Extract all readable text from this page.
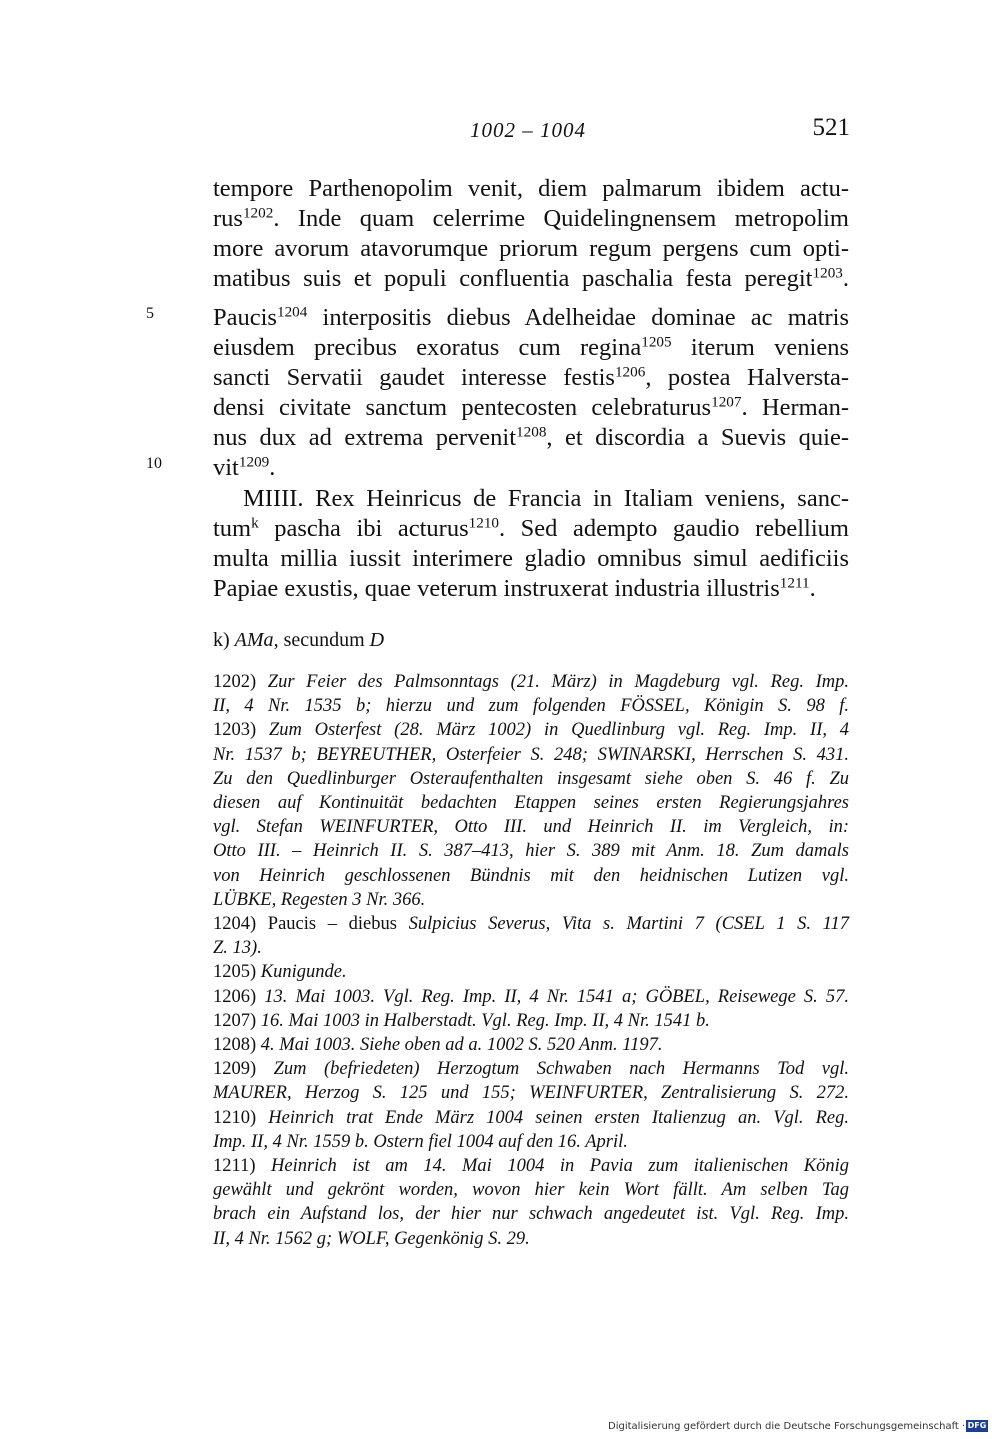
1002 – 1004	521
tempore Parthenopolim venit, diem palmarum ibidem actu-
rus$^{1202}$. Inde quam celerrime Quidelingnensem metropolim
more avorum atavorumque priorum regum pergens cum opti-
matibus suis et populi confluentia paschalia festa peregit$^{1203}$.
Paucis$^{1204}$ interpositis diebus Adelheidae dominae ac matris
eiusdem precibus exoratus cum regina$^{1205}$ iterum veniens
sancti Servatii gaudet interesse festis$^{1206}$, postea Halversta-
densi civitate sanctum pentecosten celebraturus$^{1207}$. Herman-
nus dux ad extrema pervenit$^{1208}$, et discordia a Suevis quie-
vit$^{1209}$.
MIIII. Rex Heinricus de Francia in Italiam veniens, sanc-
tum$^k$ pascha ibi acturus$^{1210}$. Sed adempto gaudio rebellium
multa millia iussit interimere gladio omnibus simul aedificiis
Papiae exustis, quae veterum instruxerat industria illustris$^{1211}$.
5
10
k) AMa, secundum D
1202) Zur Feier des Palmsonntags (21. März) in Magdeburg vgl. Reg. Imp.
II, 4 Nr. 1535 b; hierzu und zum folgenden FÖSSEL, Königin S. 98 f.
1203) Zum Osterfest (28. März 1002) in Quedlinburg vgl. Reg. Imp. II, 4
Nr. 1537 b; BEYREUTHER, Osterfeier S. 248; SWINARSKI, Herrschen S. 431.
Zu den Quedlinburger Osteraufenthalten insgesamt siehe oben S. 46 f. Zu
diesen auf Kontinuität bedachten Etappen seines ersten Regierungsjahres
vgl. Stefan WEINFURTER, Otto III. und Heinrich II. im Vergleich, in:
Otto III. – Heinrich II. S. 387–413, hier S. 389 mit Anm. 18. Zum damals
von Heinrich geschlossenen Bündnis mit den heidnischen Lutizen vgl.
LÜBKE, Regesten 3 Nr. 366.
1204) Paucis – diebus Sulpicius Severus, Vita s. Martini 7 (CSEL 1 S. 117
Z. 13).
1205) Kunigunde.
1206) 13. Mai 1003. Vgl. Reg. Imp. II, 4 Nr. 1541 a; GÖBEL, Reisewege S. 57.
1207) 16. Mai 1003 in Halberstadt. Vgl. Reg. Imp. II, 4 Nr. 1541 b.
1208) 4. Mai 1003. Siehe oben ad a. 1002 S. 520 Anm. 1197.
1209) Zum (befriedeten) Herzogtum Schwaben nach Hermanns Tod vgl.
MAURER, Herzog S. 125 und 155; WEINFURTER, Zentralisierung S. 272.
1210) Heinrich trat Ende März 1004 seinen ersten Italienzug an. Vgl. Reg.
Imp. II, 4 Nr. 1559 b. Ostern fiel 1004 auf den 16. April.
1211) Heinrich ist am 14. Mai 1004 in Pavia zum italienischen König
gewählt und gekrönt worden, wovon hier kein Wort fällt. Am selben Tag
brach ein Aufstand los, der hier nur schwach angedeutet ist. Vgl. Reg. Imp.
II, 4 Nr. 1562 g; WOLF, Gegenkönig S. 29.
Digitalisierung gefördert durch die Deutsche Forschungsgemeinschaft · DFG
